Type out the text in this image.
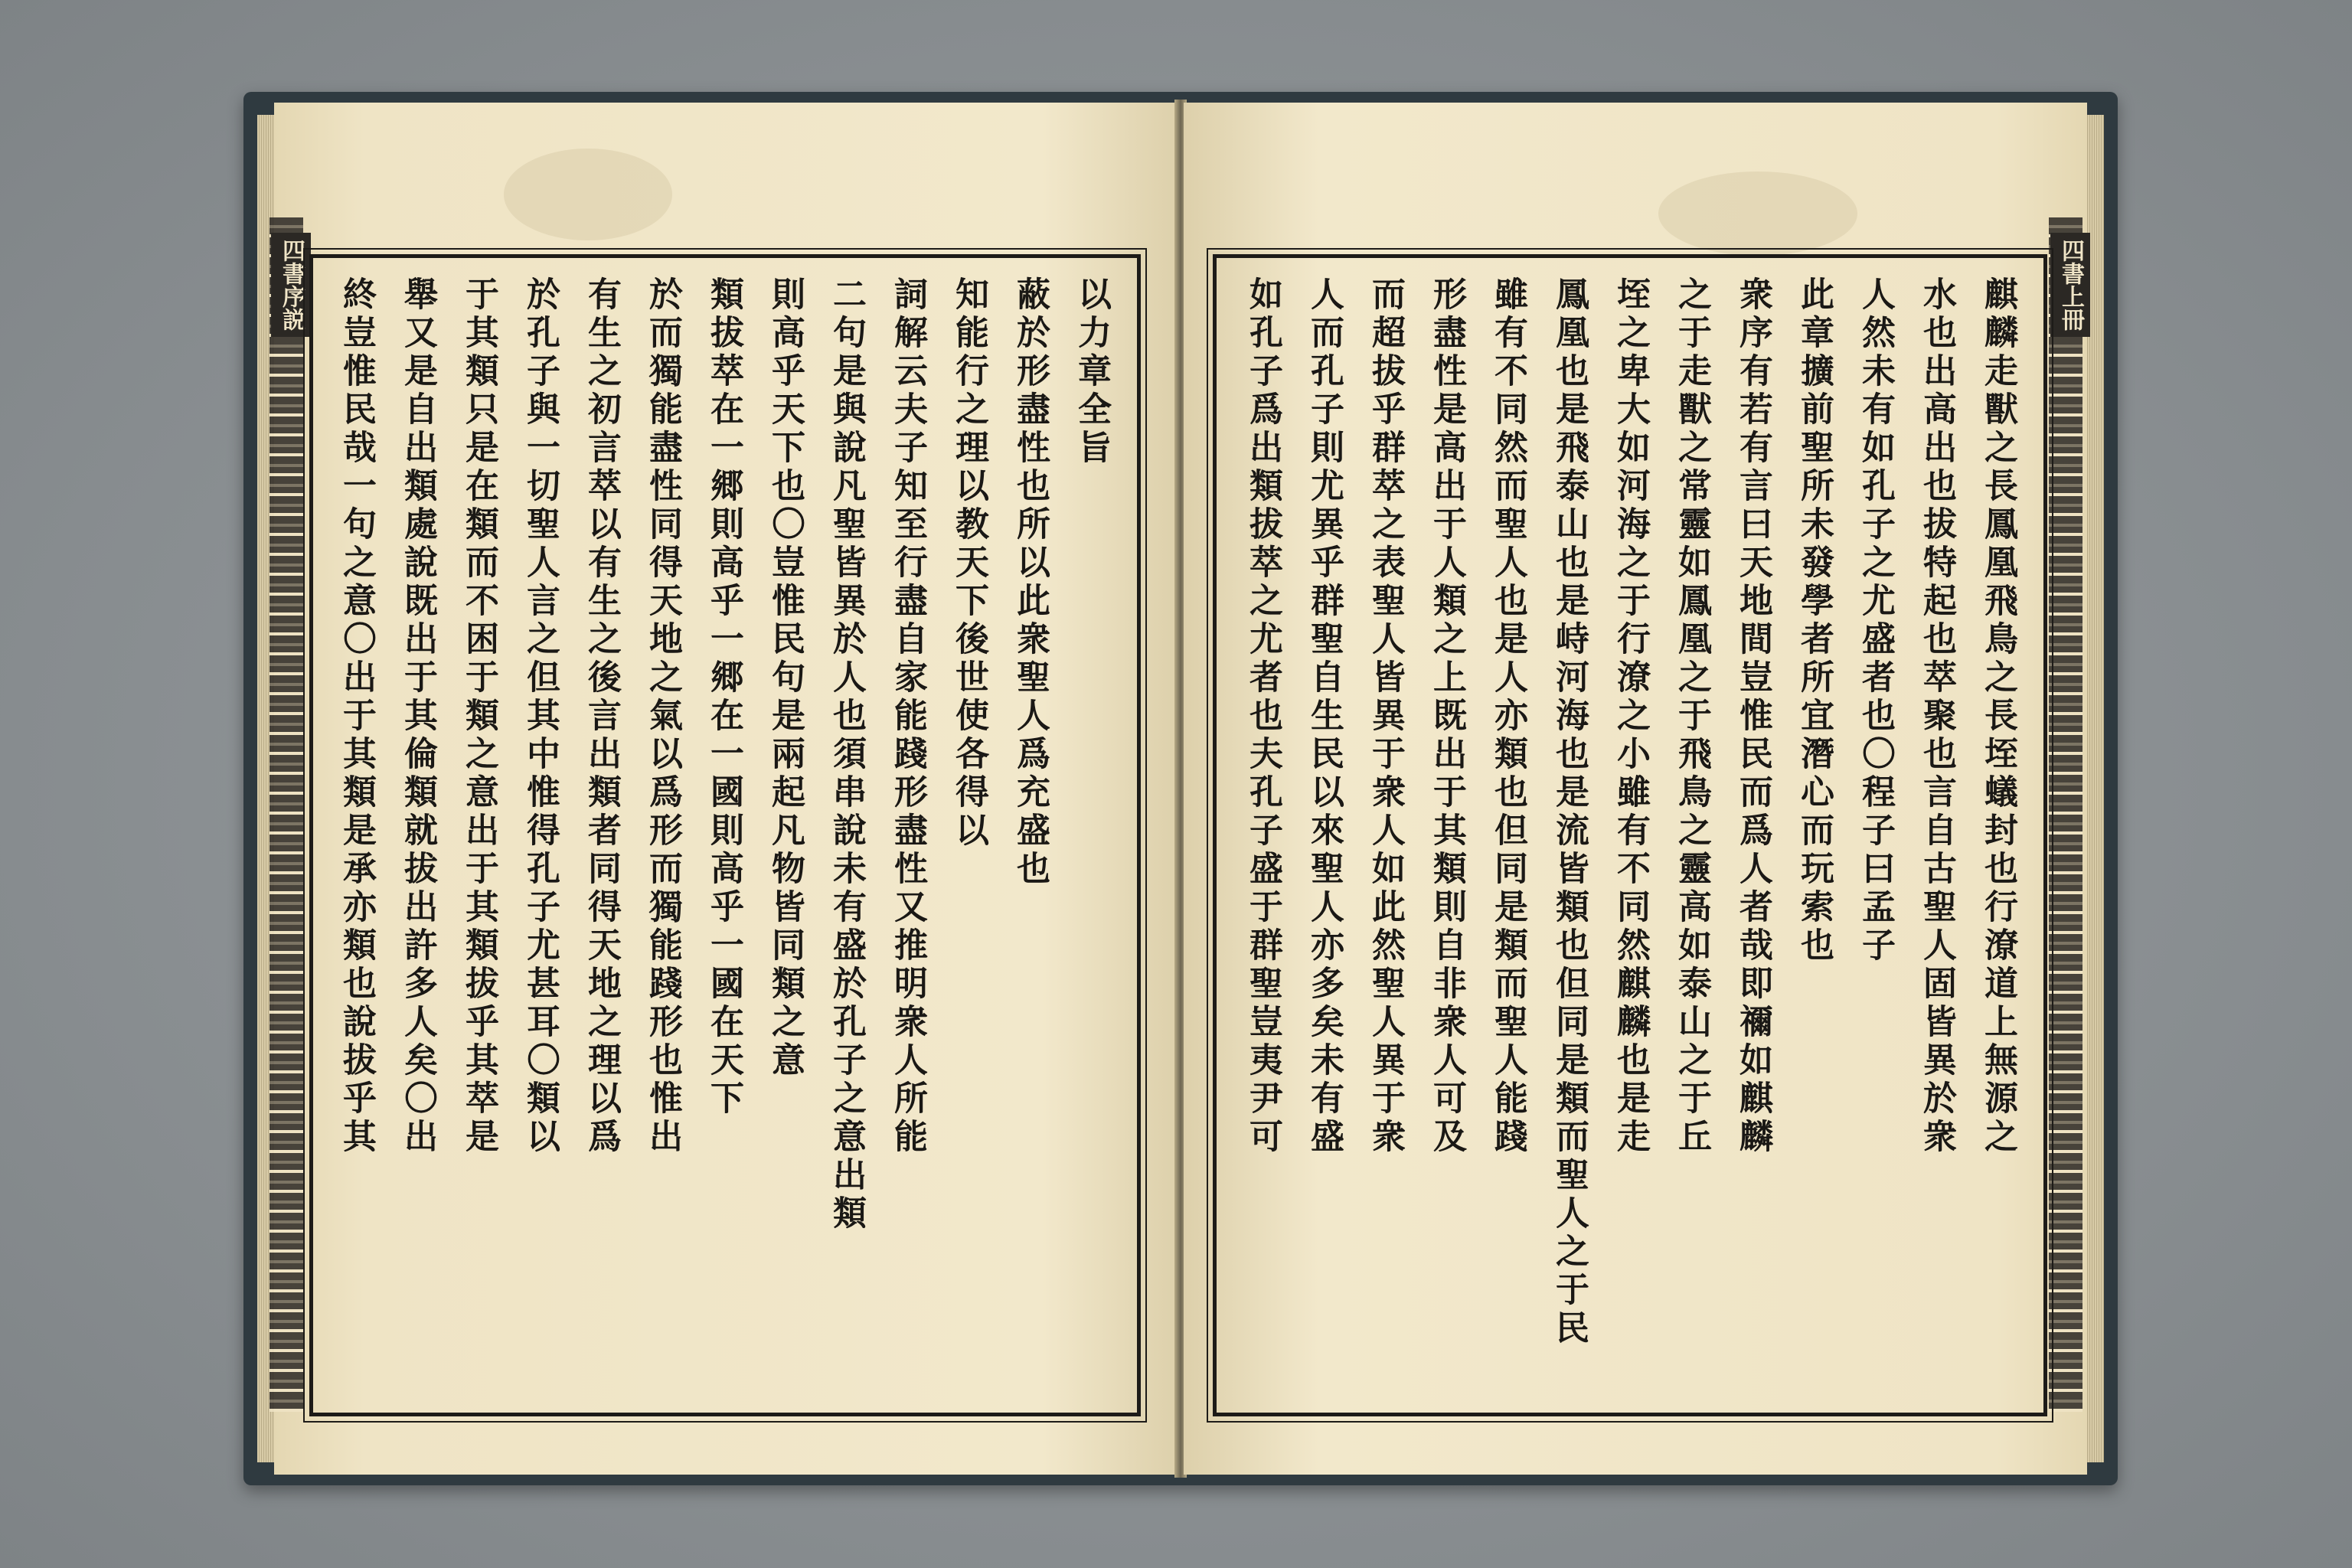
四書序説	以力章全旨
蔽於形盡性也所以此衆聖人爲充盛也
知能行之理以教天下後世使各得以
詞解云夫子知至行盡自家能踐形盡性又推明衆人所能
二句是與說凡聖皆異於人也須串說未有盛於孔子之意出類
則高乎天下也〇豈惟民句是兩起凡物皆同類之意
類拔萃在一郷則高乎一郷在一國則高乎一國在天下
於而獨能盡性同得天地之氣以爲形而獨能踐形也惟出
有生之初言萃以有生之後言出類者同得天地之理以爲
於孔子與一切聖人言之但其中惟得孔子尤甚耳〇類以
于其類只是在類而不困于類之意出于其類拔乎其萃是
舉又是自出類處說既出于其倫類就拔出許多人矣〇出
終豈惟民哉一句之意〇出于其類是承亦類也說拔乎其	四書上冊
麒麟走獸之長鳳凰飛鳥之長垤蟻封也行潦道上無源之
水也出高出也拔特起也萃聚也言自古聖人固皆異於衆
人然未有如孔子之尤盛者也〇程子曰孟子
此章擴前聖所未發學者所宜潛心而玩索也
衆序有若有言曰天地間豈惟民而爲人者哉即禰如麒麟
之于走獸之常靈如鳳凰之于飛鳥之靈高如泰山之于丘
垤之卑大如河海之于行潦之小雖有不同然麒麟也是走
鳳凰也是飛泰山也是峙河海也是流皆類也但同是類而聖人之于民
雖有不同然而聖人也是人亦類也但同是類而聖人能踐
形盡性是高出于人類之上既出于其類則自非衆人可及
而超拔乎群萃之表聖人皆異于衆人如此然聖人異于衆
人而孔子則尤異乎群聖自生民以來聖人亦多矣未有盛
如孔子爲出類拔萃之尤者也夫孔子盛于群聖豈夷尹可
